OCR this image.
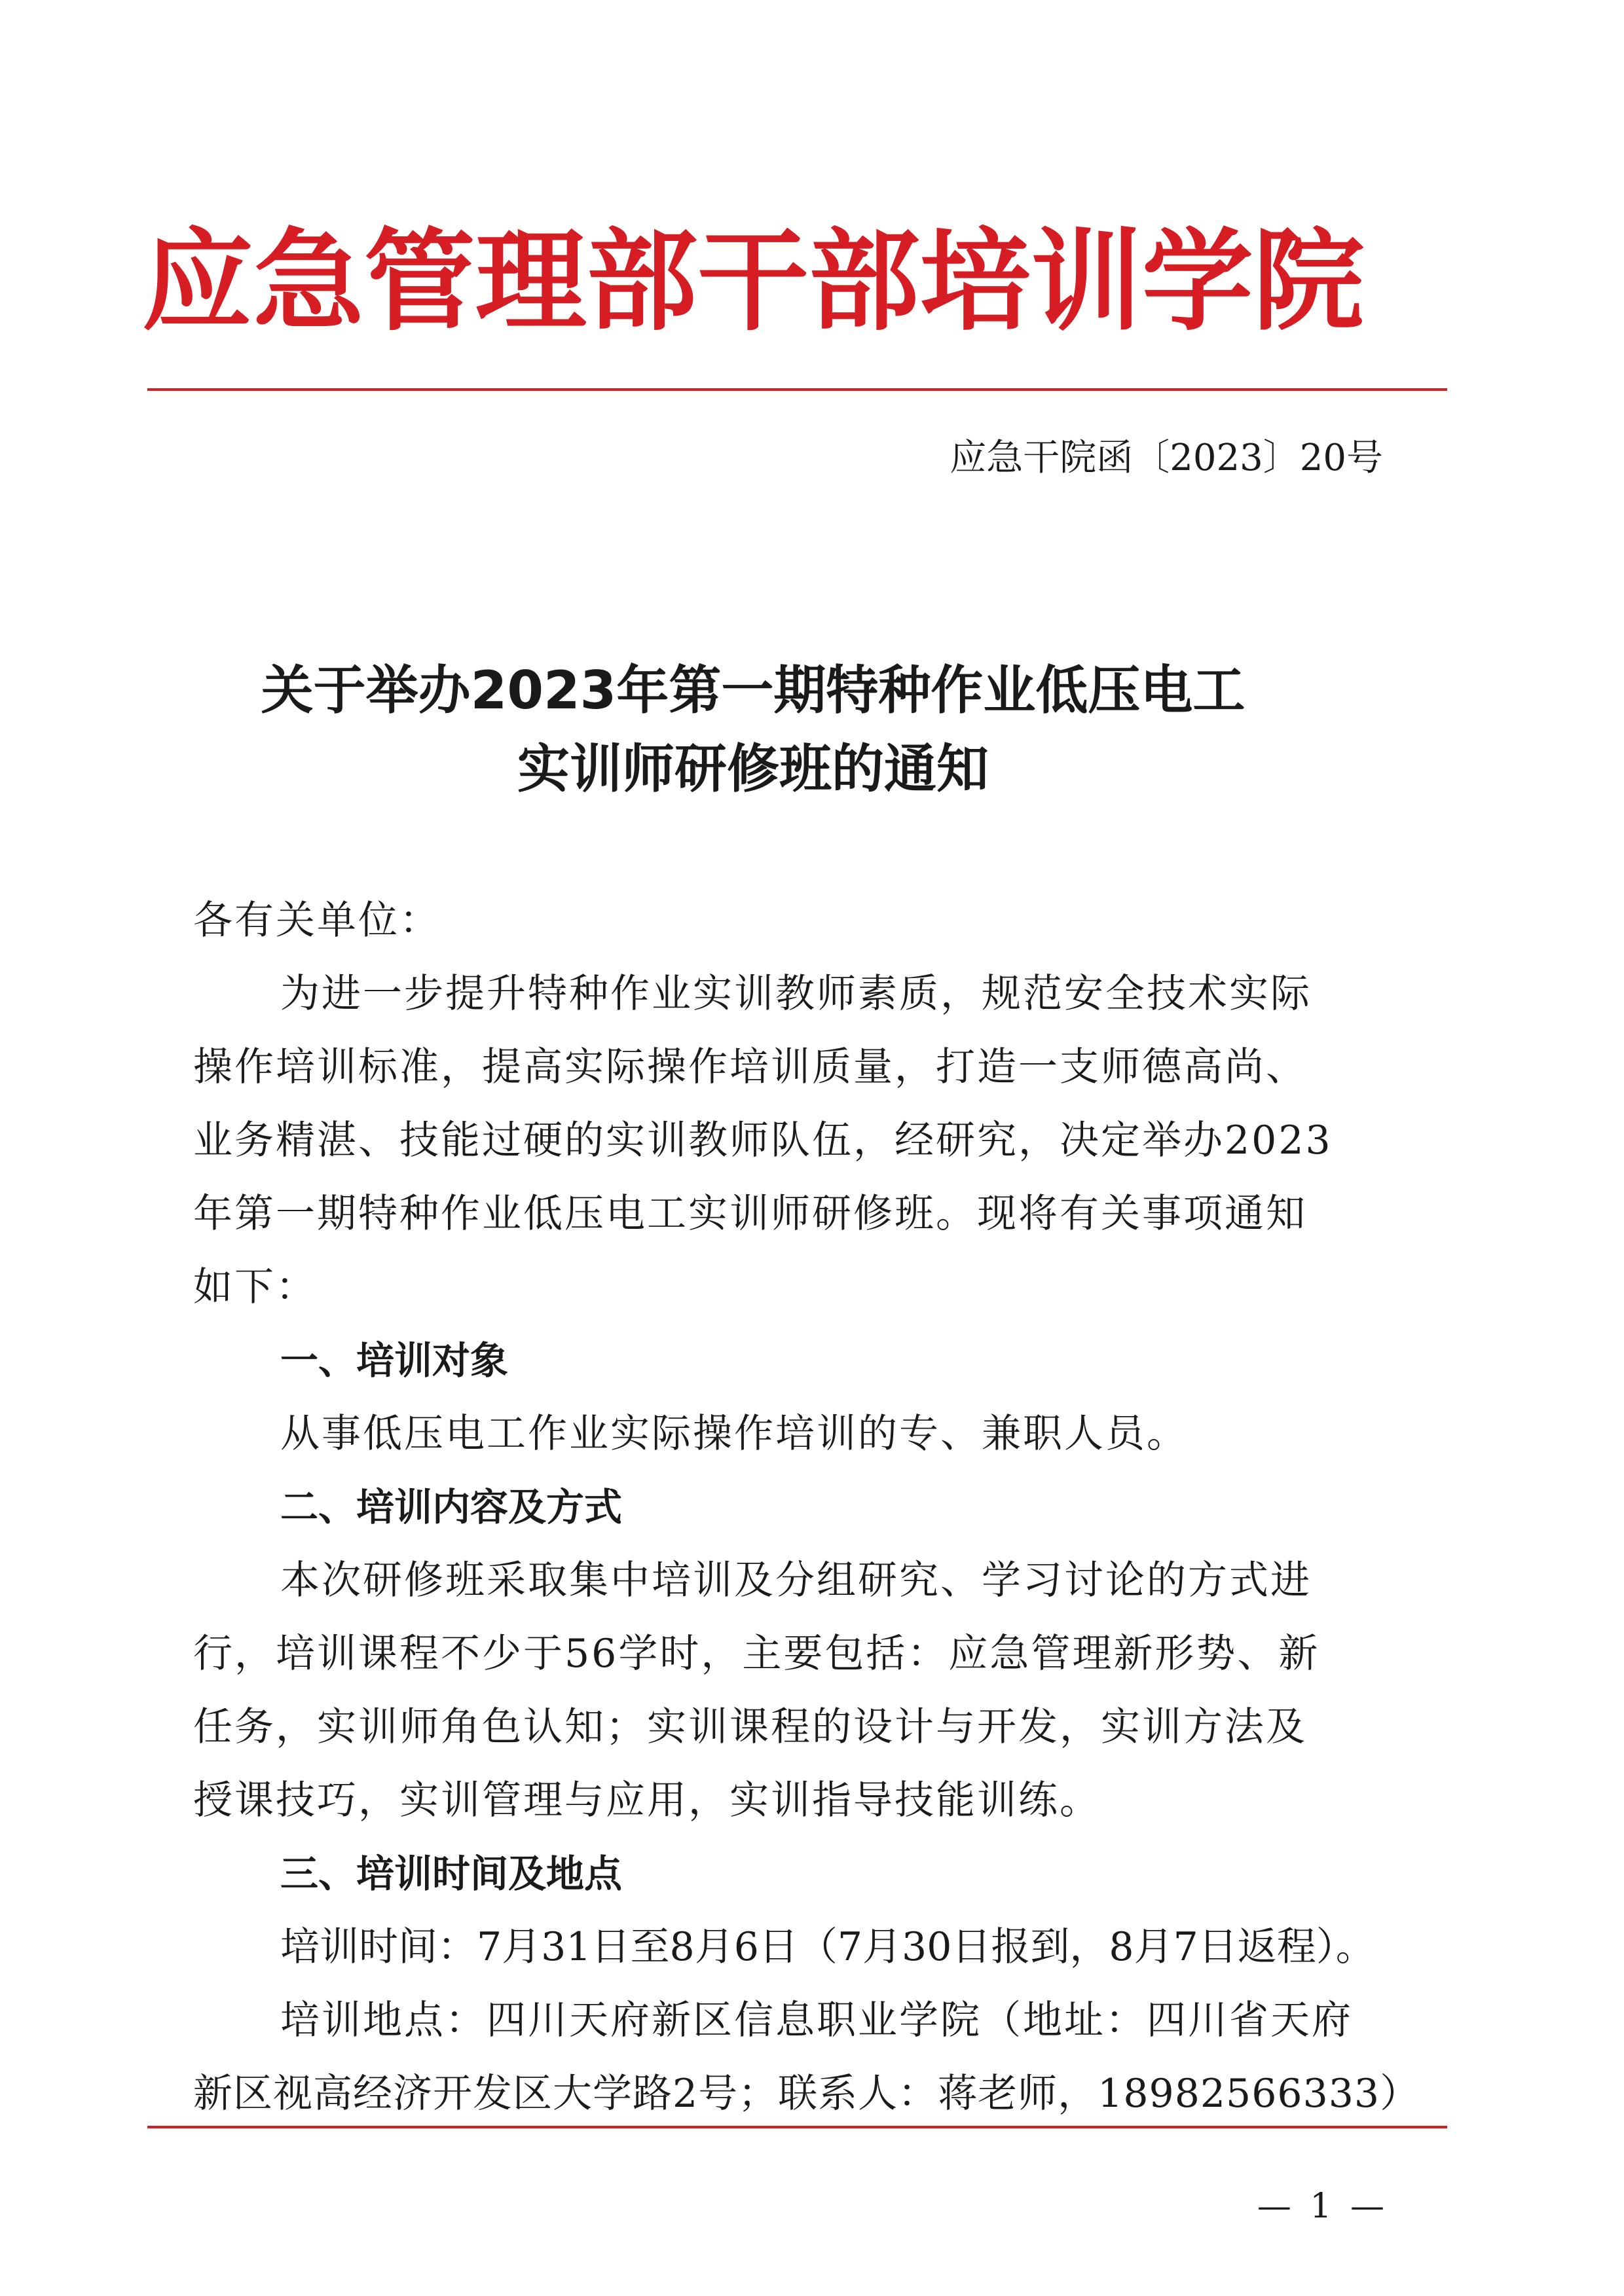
应急管理部干部培训学院
应急干院函〔2023〕20号
关于举办2023年第一期特种作业低压电工
实训师研修班的通知
各有关单位：
为进一步提升特种作业实训教师素质，规范安全技术实际
操作培训标准，提高实际操作培训质量，打造一支师德高尚、
业务精湛、技能过硬的实训教师队伍，经研究，决定举办2023
年第一期特种作业低压电工实训师研修班。现将有关事项通知
如下：
一、培训对象
从事低压电工作业实际操作培训的专、兼职人员。
二、培训内容及方式
本次研修班采取集中培训及分组研究、学习讨论的方式进
行，培训课程不少于56学时，主要包括：应急管理新形势、新
任务，实训师角色认知；实训课程的设计与开发，实训方法及
授课技巧，实训管理与应用，实训指导技能训练。
三、培训时间及地点
培训时间：7月31日至8月6日（7月30日报到，8月7日返程）。
培训地点：四川天府新区信息职业学院（地址：四川省天府
新区视高经济开发区大学路2号；联系人：蒋老师，18982566333）
— 1 —
